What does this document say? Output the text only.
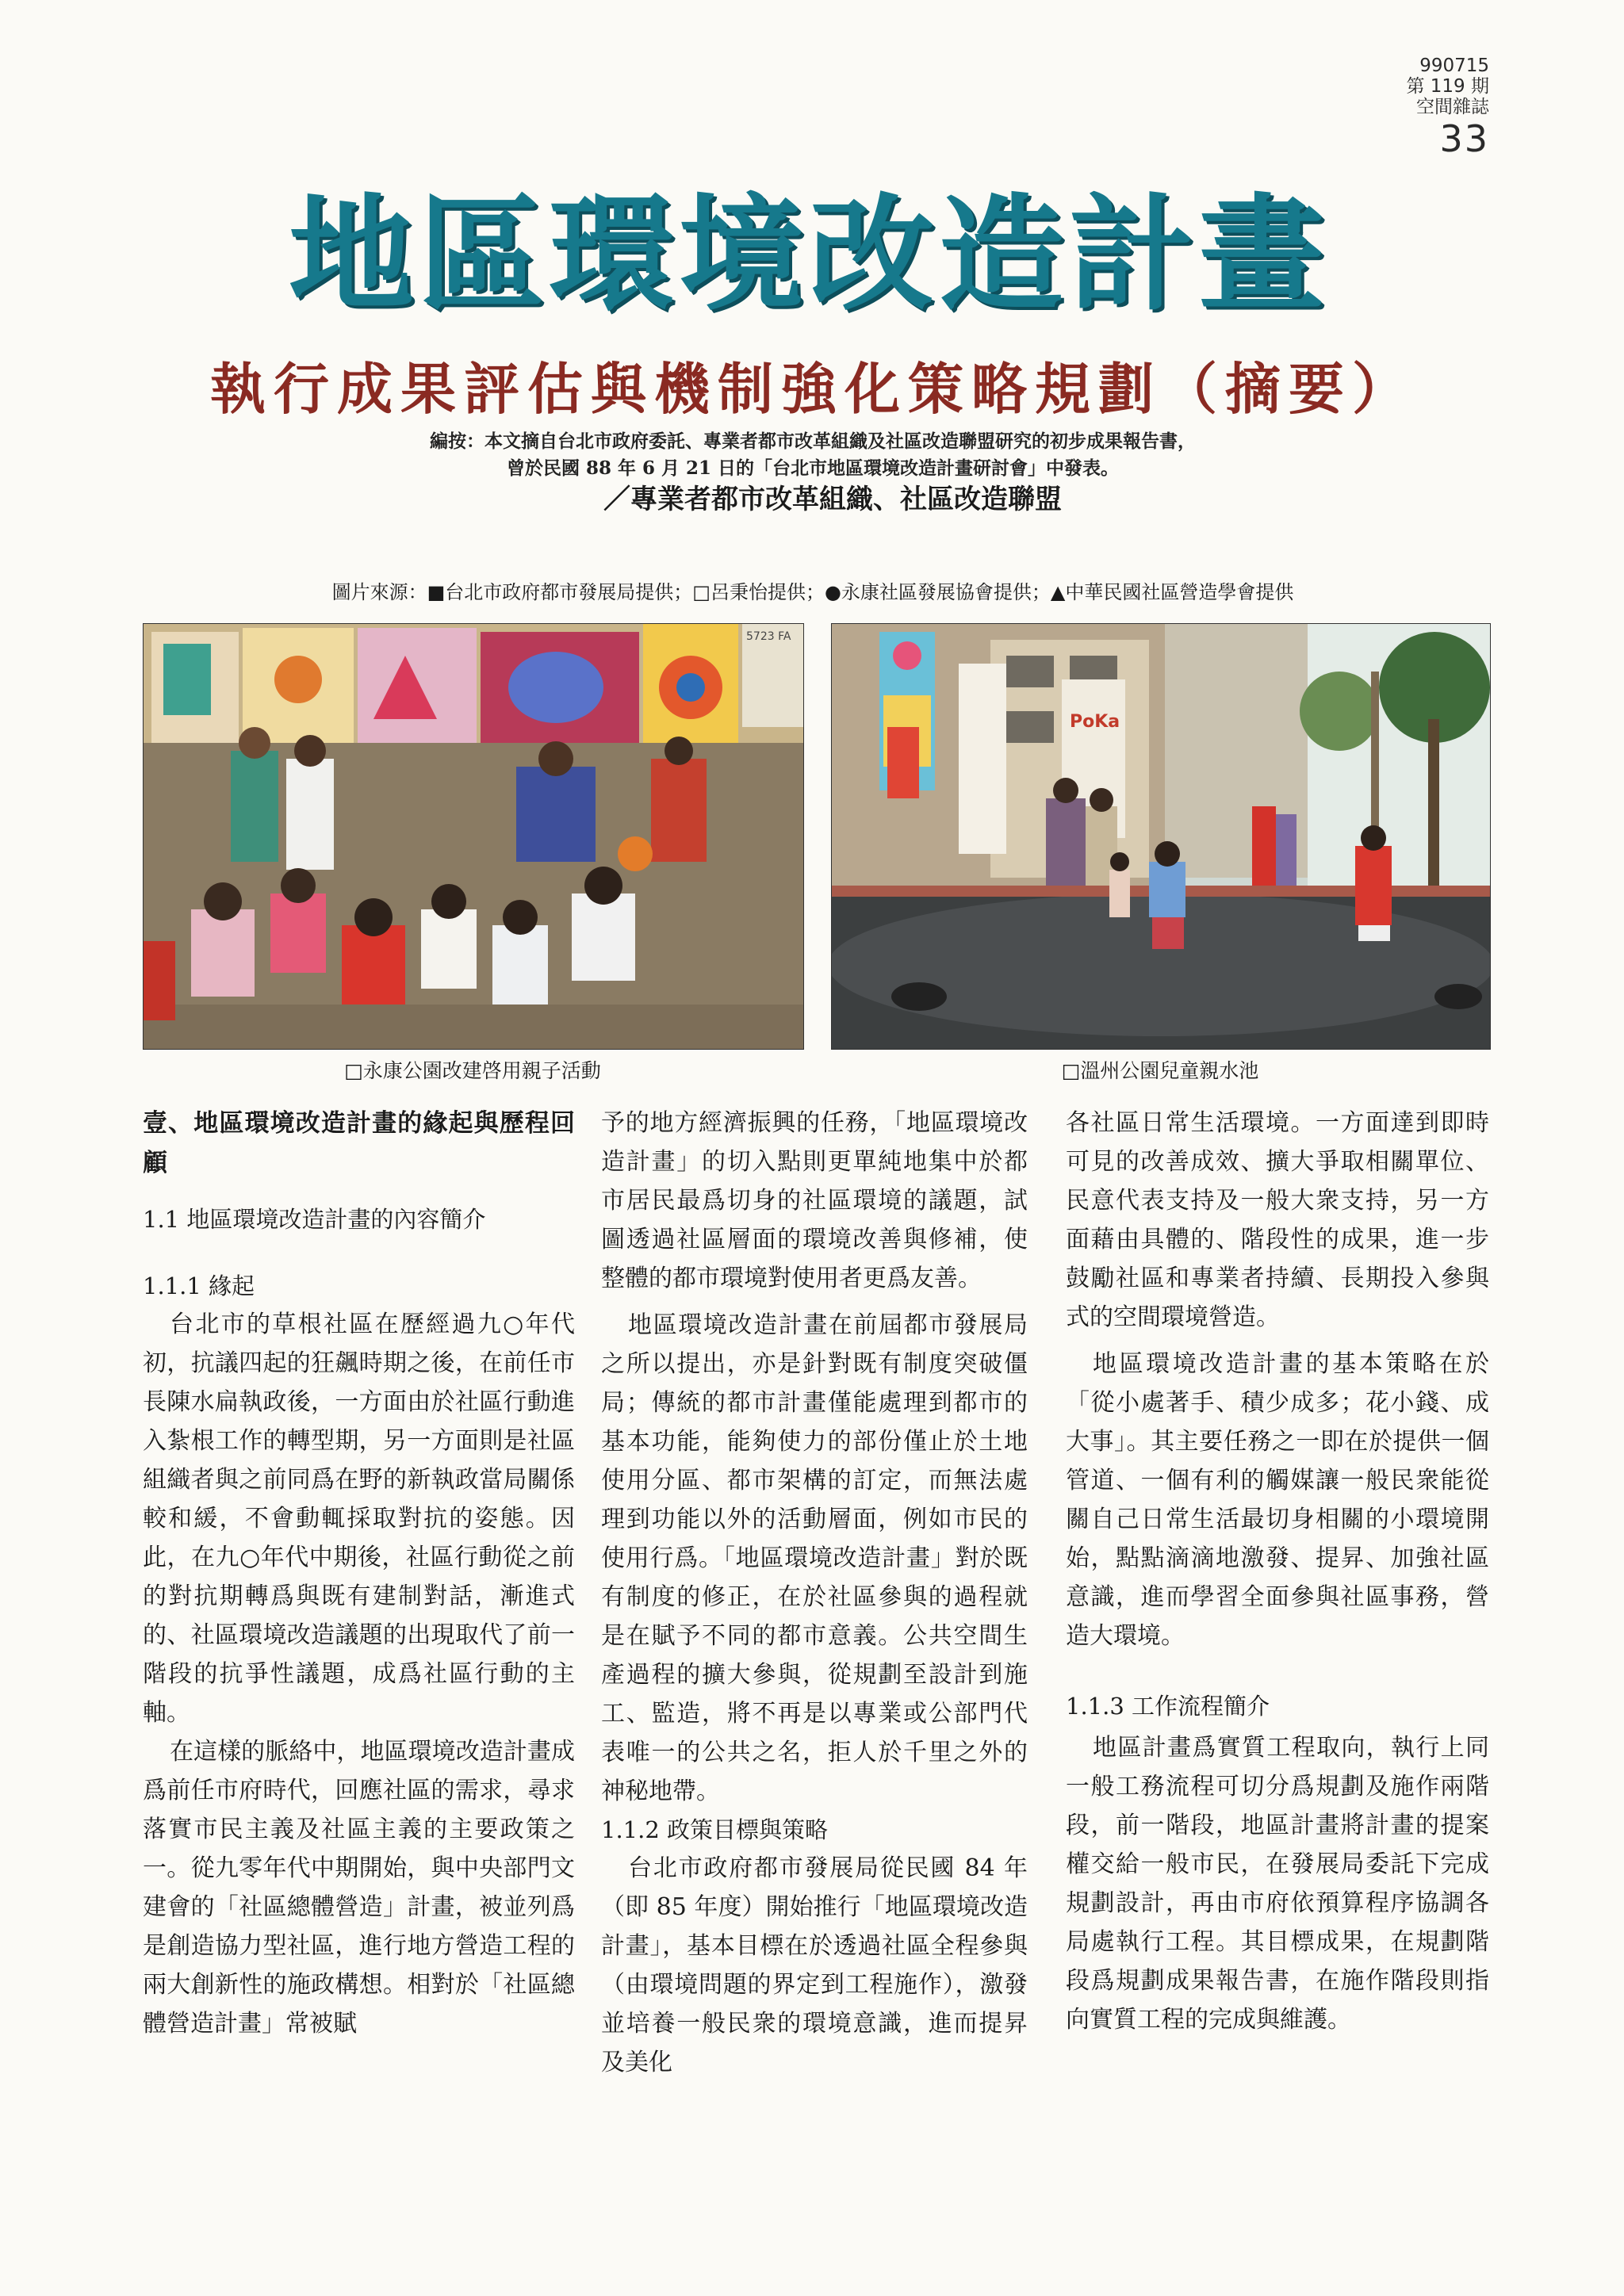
990715
第 119 期
空間雜誌
33
地區環境改造計畫
執行成果評估與機制強化策略規劃（摘要）
編按：本文摘自台北市政府委託、專業者都市改革組織及社區改造聯盟研究的初步成果報告書，
曾於民國 88 年 6 月 21 日的「台北市地區環境改造計畫研討會」中發表。
／專業者都市改革組織、社區改造聯盟
圖片來源：■台北市政府都市發展局提供；□呂秉怡提供；●永康社區發展協會提供；▲中華民國社區營造學會提供
5723 FA
□永康公園改建啓用親子活動
PoKa
□溫州公園兒童親水池
壹、地區環境改造計畫的緣起與歷程回顧
1.1 地區環境改造計畫的內容簡介
1.1.1 緣起

台北市的草根社區在歷經過九○年代初，抗議四起的狂飆時期之後，在前任市長陳水扁執政後，一方面由於社區行動進入紮根工作的轉型期，另一方面則是社區組織者與之前同爲在野的新執政當局關係較和緩，不會動輒採取對抗的姿態。因此，在九○年代中期後，社區行動從之前的對抗期轉爲與既有建制對話，漸進式的、社區環境改造議題的出現取代了前一階段的抗爭性議題，成爲社區行動的主軸。

在這樣的脈絡中，地區環境改造計畫成爲前任市府時代，回應社區的需求，尋求落實市民主義及社區主義的主要政策之一。從九零年代中期開始，與中央部門文建會的「社區總體營造」計畫，被並列爲是創造協力型社區，進行地方營造工程的兩大創新性的施政構想。相對於「社區總體營造計畫」常被賦

予的地方經濟振興的任務，「地區環境改造計畫」的切入點則更單純地集中於都市居民最爲切身的社區環境的議題，試圖透過社區層面的環境改善與修補，使整體的都市環境對使用者更爲友善。

地區環境改造計畫在前屆都市發展局之所以提出，亦是針對既有制度突破僵局；傳統的都市計畫僅能處理到都市的基本功能，能夠使力的部份僅止於土地使用分區、都市架構的訂定，而無法處理到功能以外的活動層面，例如市民的使用行爲。「地區環境改造計畫」對於既有制度的修正，在於社區參與的過程就是在賦予不同的都市意義。公共空間生產過程的擴大參與，從規劃至設計到施工、監造，將不再是以專業或公部門代表唯一的公共之名，拒人於千里之外的神秘地帶。

1.1.2 政策目標與策略

台北市政府都市發展局從民國 84 年（即 85 年度）開始推行「地區環境改造計畫」，基本目標在於透過社區全程參與（由環境問題的界定到工程施作），激發並培養一般民衆的環境意識，進而提昇及美化

各社區日常生活環境。一方面達到即時可見的改善成效、擴大爭取相關單位、民意代表支持及一般大衆支持，另一方面藉由具體的、階段性的成果，進一步鼓勵社區和專業者持續、長期投入參與式的空間環境營造。

地區環境改造計畫的基本策略在於「從小處著手、積少成多；花小錢、成大事」。其主要任務之一即在於提供一個管道、一個有利的觸媒讓一般民衆能從關自己日常生活最切身相關的小環境開始，點點滴滴地激發、提昇、加強社區意識，進而學習全面參與社區事務，營造大環境。

1.1.3 工作流程簡介

地區計畫爲實質工程取向，執行上同一般工務流程可切分爲規劃及施作兩階段，前一階段，地區計畫將計畫的提案權交給一般市民，在發展局委託下完成規劃設計，再由市府依預算程序協調各局處執行工程。其目標成果，在規劃階段爲規劃成果報告書，在施作階段則指向實質工程的完成與維護。
